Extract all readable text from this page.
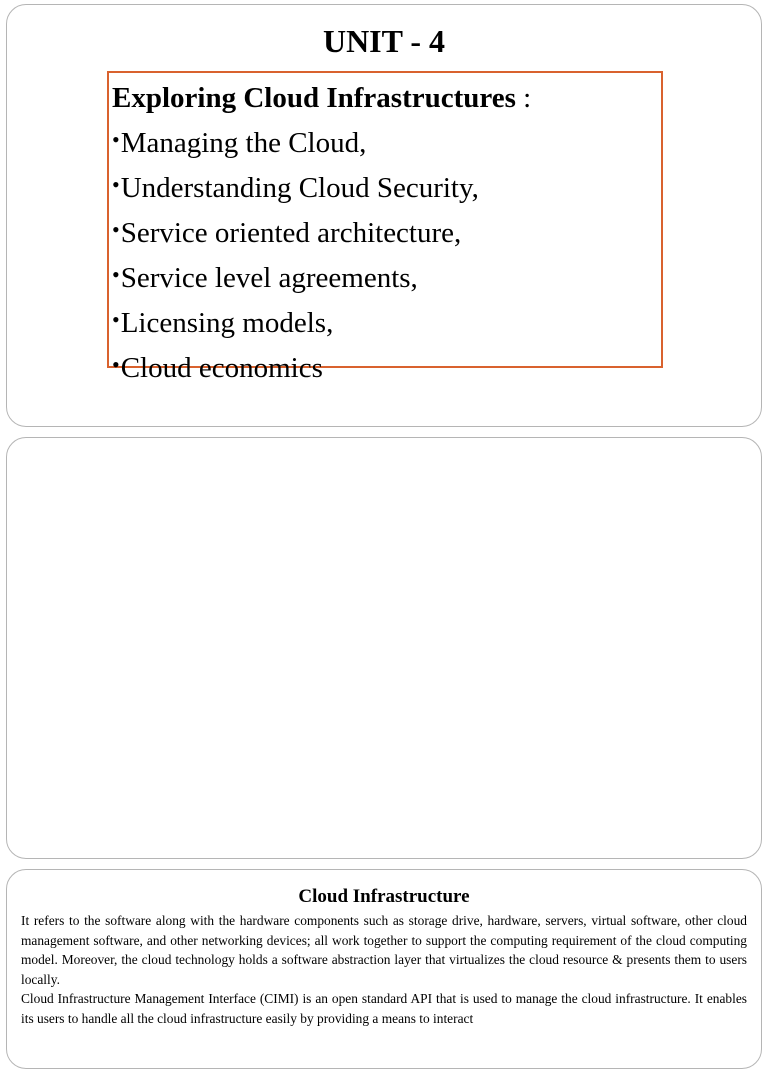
UNIT - 4
Exploring Cloud Infrastructures :
•Managing the Cloud,
•Understanding Cloud Security,
•Service oriented architecture,
•Service level agreements,
•Licensing models,
•Cloud economics
Cloud Infrastructure

It refers to the software along with the hardware components such as storage drive, hardware, servers, virtual software, other cloud management software, and other networking devices; all work together to support the computing requirement of the cloud computing model. Moreover, the cloud technology holds a software abstraction layer that virtualizes the cloud resource & presents them to users locally.

Cloud Infrastructure Management Interface (CIMI) is an open standard API that is used to manage the cloud infrastructure. It enables its users to handle all the cloud infrastructure easily by providing a means to interact
